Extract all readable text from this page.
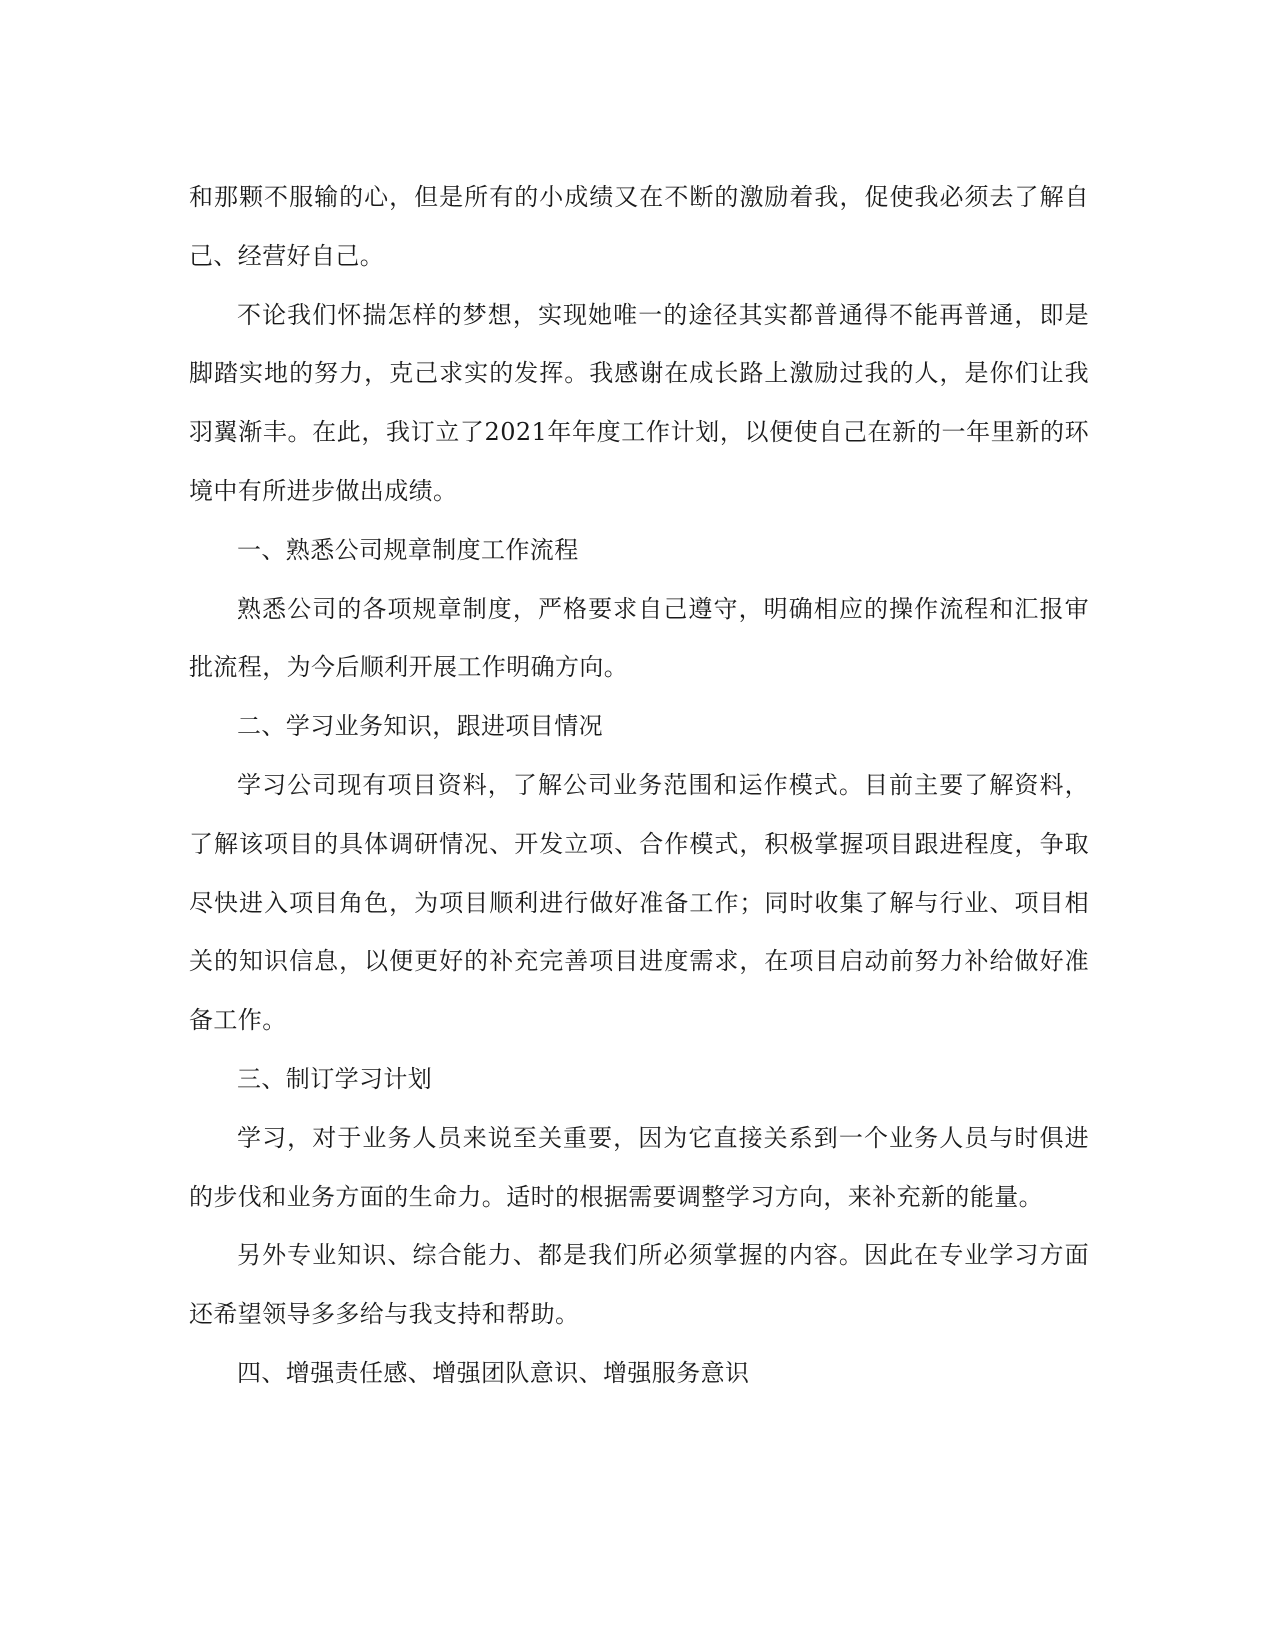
和那颗不服输的心，但是所有的小成绩又在不断的激励着我，促使我必须去了解自己、经营好自己。

不论我们怀揣怎样的梦想，实现她唯一的途径其实都普通得不能再普通，即是脚踏实地的努力，克己求实的发挥。我感谢在成长路上激励过我的人，是你们让我羽翼渐丰。在此，我订立了2021年年度工作计划，以便使自己在新的一年里新的环境中有所进步做出成绩。

一、熟悉公司规章制度工作流程

熟悉公司的各项规章制度，严格要求自己遵守，明确相应的操作流程和汇报审批流程，为今后顺利开展工作明确方向。

二、学习业务知识，跟进项目情况

学习公司现有项目资料，了解公司业务范围和运作模式。目前主要了解资料，了解该项目的具体调研情况、开发立项、合作模式，积极掌握项目跟进程度，争取尽快进入项目角色，为项目顺利进行做好准备工作；同时收集了解与行业、项目相关的知识信息，以便更好的补充完善项目进度需求，在项目启动前努力补给做好准备工作。

三、制订学习计划

学习，对于业务人员来说至关重要，因为它直接关系到一个业务人员与时俱进的步伐和业务方面的生命力。适时的根据需要调整学习方向，来补充新的能量。

另外专业知识、综合能力、都是我们所必须掌握的内容。因此在专业学习方面还希望领导多多给与我支持和帮助。

四、增强责任感、增强团队意识、增强服务意识
